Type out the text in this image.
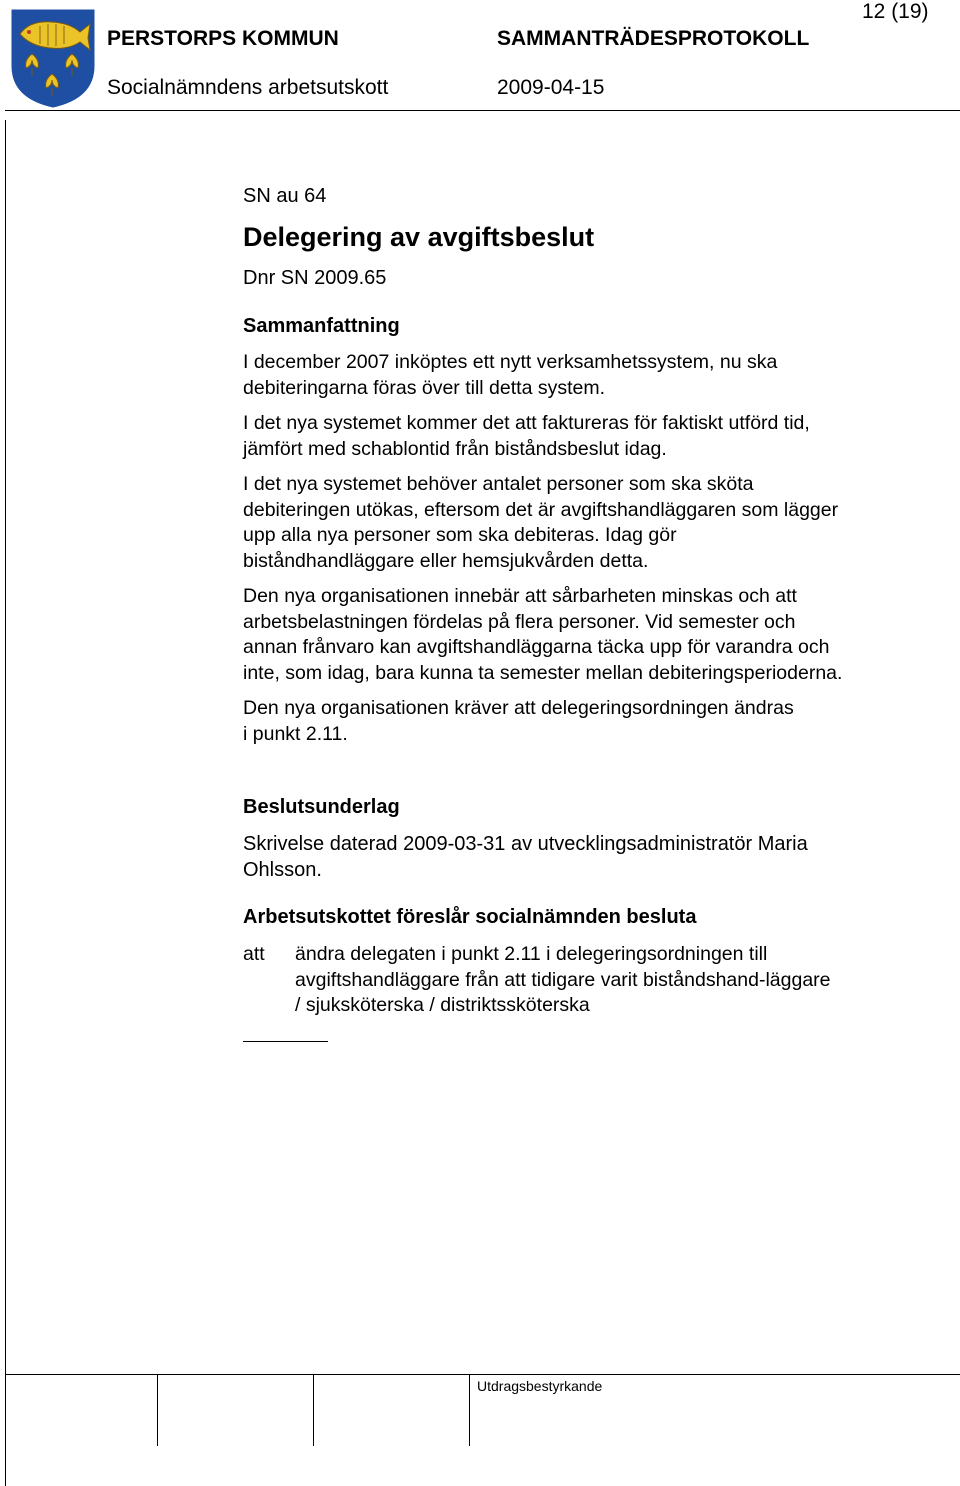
PERSTORPS KOMMUN	SAMMANTRÄDESPROTOKOLL
Socialnämndens arbetsutskott	2009-04-15
12 (19)
SN au 64
Delegering av avgiftsbeslut
Dnr SN 2009.65
Sammanfattning

I december 2007 inköptes ett nytt verksamhetssystem, nu ska debiteringarna föras över till detta system.

I det nya systemet kommer det att faktureras för faktiskt utförd tid, jämfört med schablontid från biståndsbeslut idag.

I det nya systemet behöver antalet personer som ska sköta debiteringen utökas, eftersom det är avgiftshandläggaren som lägger upp alla nya personer som ska debiteras. Idag gör biståndhandläggare eller hemsjukvården detta.

Den nya organisationen innebär att sårbarheten minskas och att arbetsbelastningen fördelas på flera personer. Vid semester och annan frånvaro kan avgiftshandläggarna täcka upp för varandra och inte, som idag, bara kunna ta semester mellan debiteringsperioderna.

Den nya organisationen kräver att delegeringsordningen ändras i punkt 2.11.

Beslutsunderlag
Skrivelse daterad 2009-03-31 av utvecklingsadministratör Maria Ohlsson.
Arbetsutskottet föreslår socialnämnden besluta
att ändra delegaten i punkt 2.11 i delegeringsordningen till avgiftshandläggare från att tidigare varit biståndshand-läggare / sjuksköterska / distriktssköterska
Utdragsbestyrkande
